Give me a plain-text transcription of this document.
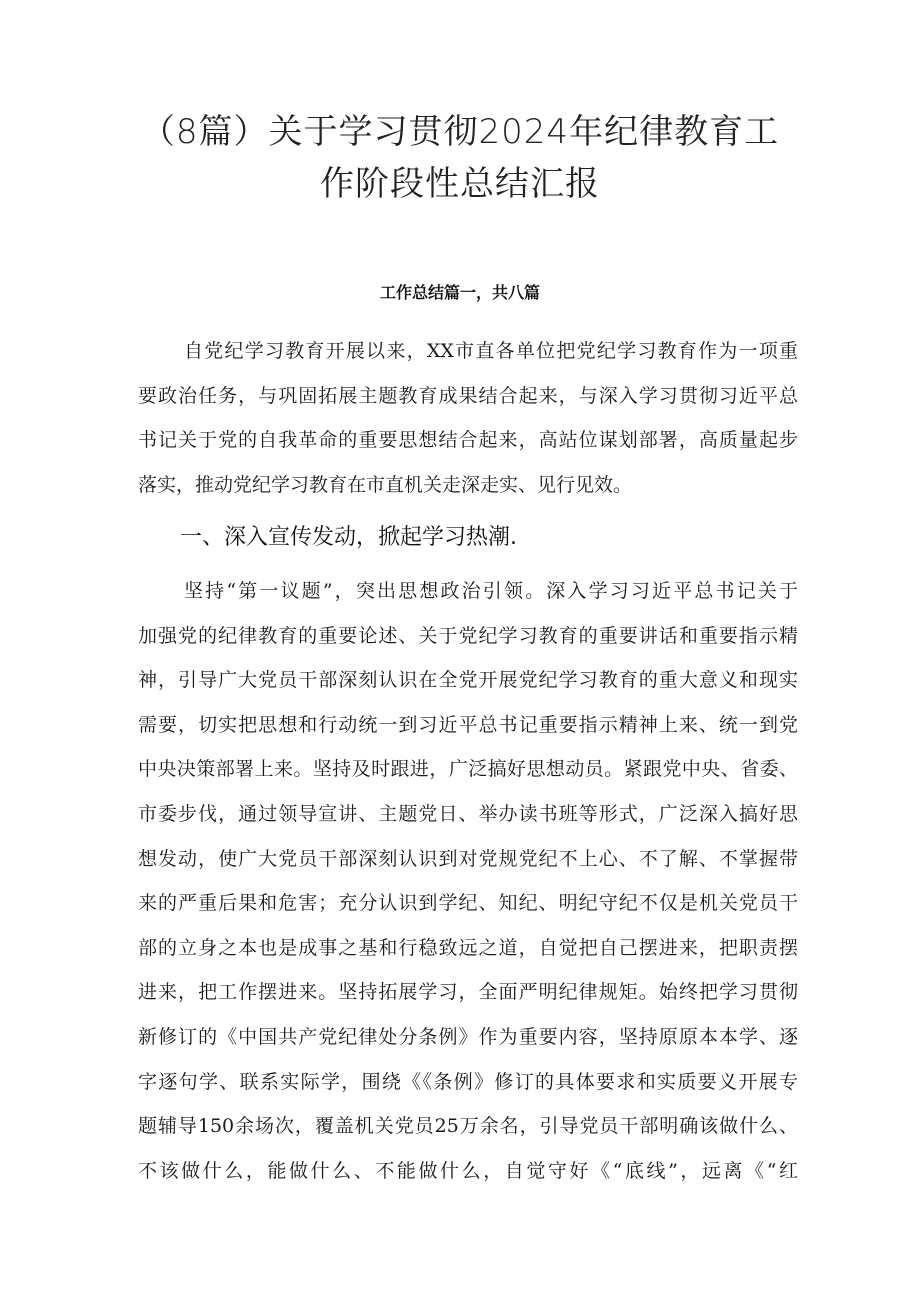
（8篇）关于学习贯彻2024年纪律教育工
作阶段性总结汇报
工作总结篇一，共八篇
自党纪学习教育开展以来，XX市直各单位把党纪学习教育作为一项重
要政治任务，与巩固拓展主题教育成果结合起来，与深入学习贯彻习近平总
书记关于党的自我革命的重要思想结合起来，高站位谋划部署，高质量起步
落实，推动党纪学习教育在市直机关走深走实、见行见效。
一、深入宣传发动，掀起学习热潮.
坚持“第一议题”，突出思想政治引领。深入学习习近平总书记关于
加强党的纪律教育的重要论述、关于党纪学习教育的重要讲话和重要指示精
神，引导广大党员干部深刻认识在全党开展党纪学习教育的重大意义和现实
需要，切实把思想和行动统一到习近平总书记重要指示精神上来、统一到党
中央决策部署上来。坚持及时跟进，广泛搞好思想动员。紧跟党中央、省委、
市委步伐，通过领导宣讲、主题党日、举办读书班等形式，广泛深入搞好思
想发动，使广大党员干部深刻认识到对党规党纪不上心、不了解、不掌握带
来的严重后果和危害；充分认识到学纪、知纪、明纪守纪不仅是机关党员干
部的立身之本也是成事之基和行稳致远之道，自觉把自己摆进来，把职责摆
进来，把工作摆进来。坚持拓展学习，全面严明纪律规矩。始终把学习贯彻
新修订的《中国共产党纪律处分条例》作为重要内容，坚持原原本本学、逐
字逐句学、联系实际学，围绕《《条例》修订的具体要求和实质要义开展专
题辅导150余场次，覆盖机关党员25万余名，引导党员干部明确该做什么、
不该做什么，能做什么、不能做什么，自觉守好《“底线”，远离《“红
